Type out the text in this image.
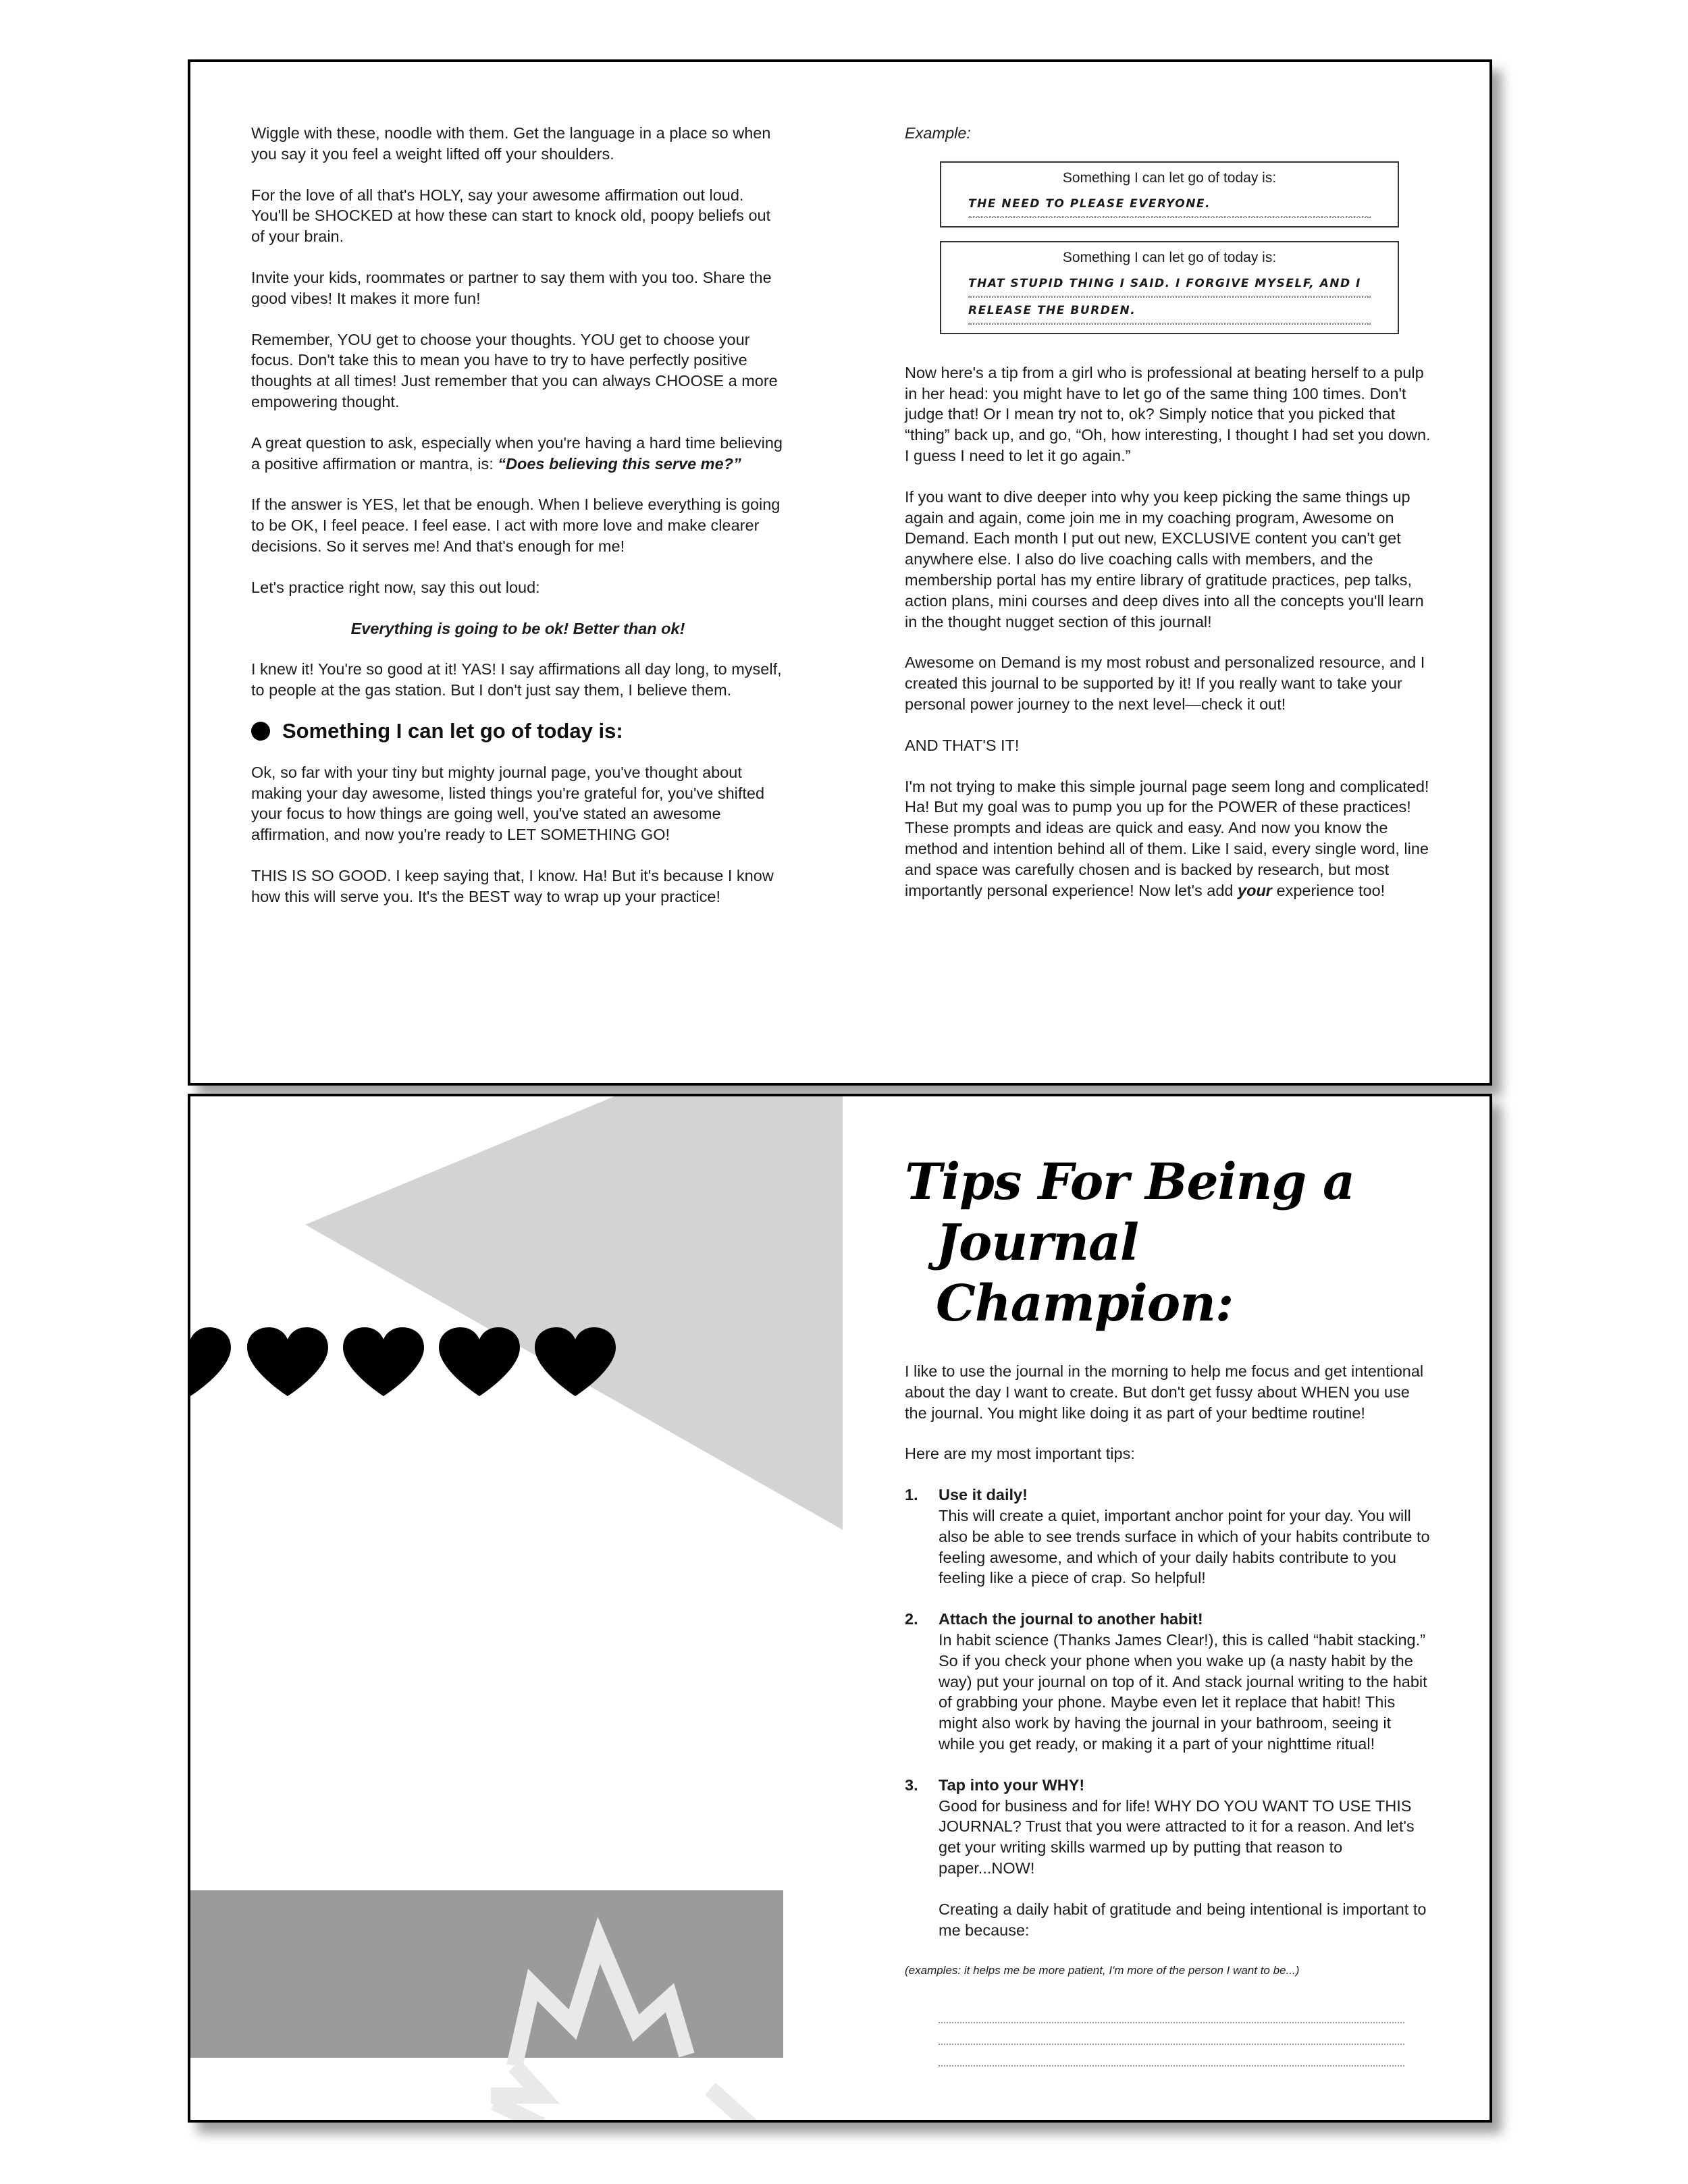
Wiggle with these, noodle with them. Get the language in a place so when you say it you feel a weight lifted off your shoulders.

For the love of all that's HOLY, say your awesome affirmation out loud. You'll be SHOCKED at how these can start to knock old, poopy beliefs out of your brain.

Invite your kids, roommates or partner to say them with you too. Share the good vibes! It makes it more fun!

Remember, YOU get to choose your thoughts. YOU get to choose your focus. Don't take this to mean you have to try to have perfectly positive thoughts at all times! Just remember that you can always CHOOSE a more empowering thought.

A great question to ask, especially when you're having a hard time believing a positive affirmation or mantra, is: “Does believing this serve me?”

If the answer is YES, let that be enough. When I believe everything is going to be OK, I feel peace. I feel ease. I act with more love and make clearer decisions. So it serves me! And that's enough for me!

Let's practice right now, say this out loud:

Everything is going to be ok! Better than ok!

I knew it! You're so good at it! YAS! I say affirmations all day long, to myself, to people at the gas station. But I don't just say them, I believe them.

Something I can let go of today is:

Ok, so far with your tiny but mighty journal page, you've thought about making your day awesome, listed things you're grateful for, you've shifted your focus to how things are going well, you've stated an awesome affirmation, and now you're ready to LET SOMETHING GO!

THIS IS SO GOOD. I keep saying that, I know. Ha! But it's because I know how this will serve you. It's the BEST way to wrap up your practice!

Example:
Something I can let go of today is:
THE NEED TO PLEASE EVERYONE.
Something I can let go of today is:
THAT STUPID THING I SAID. I FORGIVE MYSELF, AND I
RELEASE THE BURDEN.

Now here's a tip from a girl who is professional at beating herself to a pulp in her head: you might have to let go of the same thing 100 times. Don't judge that! Or I mean try not to, ok? Simply notice that you picked that “thing” back up, and go, “Oh, how interesting, I thought I had set you down. I guess I need to let it go again.”

If you want to dive deeper into why you keep picking the same things up again and again, come join me in my coaching program, Awesome on Demand. Each month I put out new, EXCLUSIVE content you can't get anywhere else. I also do live coaching calls with members, and the membership portal has my entire library of gratitude practices, pep talks, action plans, mini courses and deep dives into all the concepts you'll learn in the thought nugget section of this journal!

Awesome on Demand is my most robust and personalized resource, and I created this journal to be supported by it! If you really want to take your personal power journey to the next level—check it out!

AND THAT'S IT!

I'm not trying to make this simple journal page seem long and complicated! Ha! But my goal was to pump you up for the POWER of these practices! These prompts and ideas are quick and easy. And now you know the method and intention behind all of them. Like I said, every single word, line and space was carefully chosen and is backed by research, but most importantly personal experience! Now let's add your experience too!

Tips For Being a
Journal Champion:

I like to use the journal in the morning to help me focus and get intentional about the day I want to create. But don't get fussy about WHEN you use the journal. You might like doing it as part of your bedtime routine!

Here are my most important tips:

1. Use it daily!
This will create a quiet, important anchor point for your day. You will also be able to see trends surface in which of your habits contribute to feeling awesome, and which of your daily habits contribute to you feeling like a piece of crap. So helpful!
2. Attach the journal to another habit!
In habit science (Thanks James Clear!), this is called “habit stacking.” So if you check your phone when you wake up (a nasty habit by the way) put your journal on top of it. And stack journal writing to the habit of grabbing your phone. Maybe even let it replace that habit! This might also work by having the journal in your bathroom, seeing it while you get ready, or making it a part of your nighttime ritual!
3. Tap into your WHY!
Good for business and for life! WHY DO YOU WANT TO USE THIS JOURNAL? Trust that you were attracted to it for a reason. And let's get your writing skills warmed up by putting that reason to paper...NOW!

Creating a daily habit of gratitude and being intentional is important to me because:

(examples: it helps me be more patient, I'm more of the person I want to be...)
